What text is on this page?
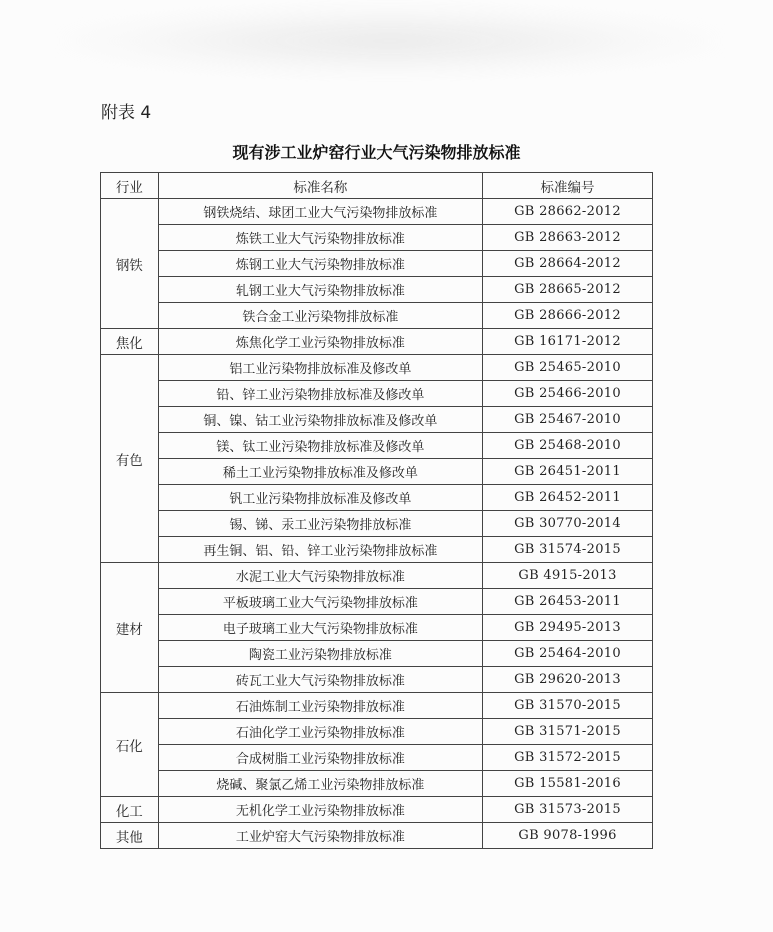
附表 4
现有涉工业炉窑行业大气污染物排放标准
行业	标准名称	标准编号
钢铁	钢铁烧结、球团工业大气污染物排放标准	GB 28662-2012
	炼铁工业大气污染物排放标准	GB 28663-2012
	炼钢工业大气污染物排放标准	GB 28664-2012
	轧钢工业大气污染物排放标准	GB 28665-2012
	铁合金工业污染物排放标准	GB 28666-2012
焦化	炼焦化学工业污染物排放标准	GB 16171-2012
有色	铝工业污染物排放标准及修改单	GB 25465-2010
	铅、锌工业污染物排放标准及修改单	GB 25466-2010
	铜、镍、钴工业污染物排放标准及修改单	GB 25467-2010
	镁、钛工业污染物排放标准及修改单	GB 25468-2010
	稀土工业污染物排放标准及修改单	GB 26451-2011
	钒工业污染物排放标准及修改单	GB 26452-2011
	锡、锑、汞工业污染物排放标准	GB 30770-2014
	再生铜、铝、铅、锌工业污染物排放标准	GB 31574-2015
建材	水泥工业大气污染物排放标准	GB 4915-2013
	平板玻璃工业大气污染物排放标准	GB 26453-2011
	电子玻璃工业大气污染物排放标准	GB 29495-2013
	陶瓷工业污染物排放标准	GB 25464-2010
	砖瓦工业大气污染物排放标准	GB 29620-2013
石化	石油炼制工业污染物排放标准	GB 31570-2015
	石油化学工业污染物排放标准	GB 31571-2015
	合成树脂工业污染物排放标准	GB 31572-2015
	烧碱、聚氯乙烯工业污染物排放标准	GB 15581-2016
化工	无机化学工业污染物排放标准	GB 31573-2015
其他	工业炉窑大气污染物排放标准	GB 9078-1996
